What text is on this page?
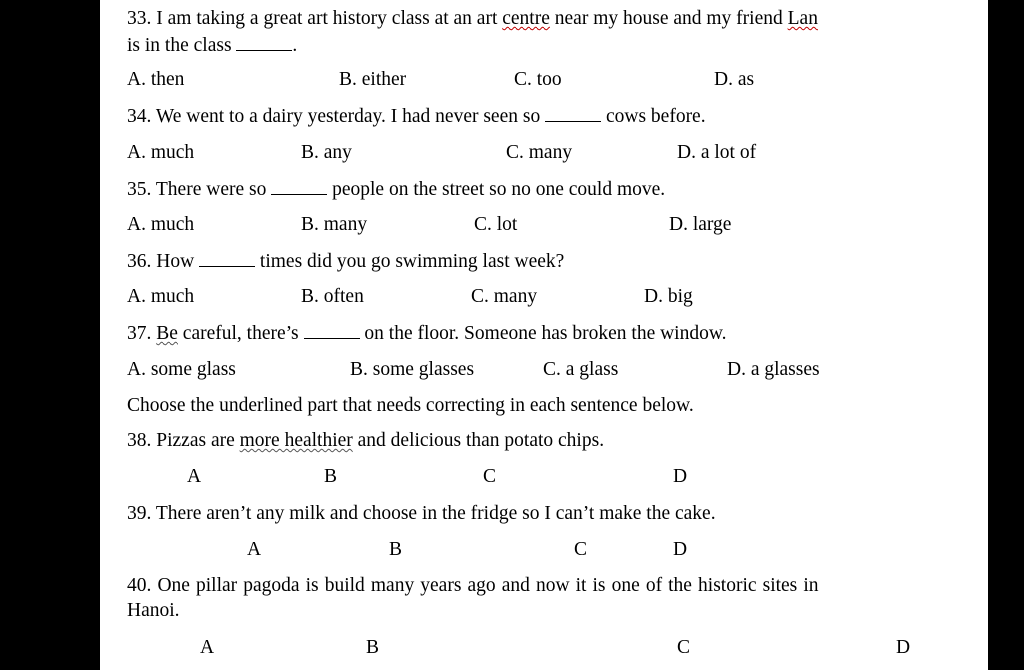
33. I am taking a great art history class at an art centre near my house and my friend Lan
is in the class	.
A. then	B. either	C. too	D. as
34. We went to a dairy yesterday. I had never seen so	cows before.
A. much	B. any	C. many	D. a lot of
35. There were so	people on the street so no one could move.
A. much	B. many	C. lot	D. large
36. How	times did you go swimming last week?
A. much	B. often	C. many	D. big
37. Be careful, there’s	on the floor. Someone has broken the window.
A. some glass	B. some glasses	C. a glass	D. a glasses
Choose the underlined part that needs correcting in each sentence below.
38. Pizzas are more healthier and delicious than potato chips.
A	B	C	D
39. There aren’t any milk and choose in the fridge so I can’t make the cake.
A	B	C	D
40. One pillar pagoda is build many years ago and now it is one of the historic sites in
Hanoi.
A	B	C	D
